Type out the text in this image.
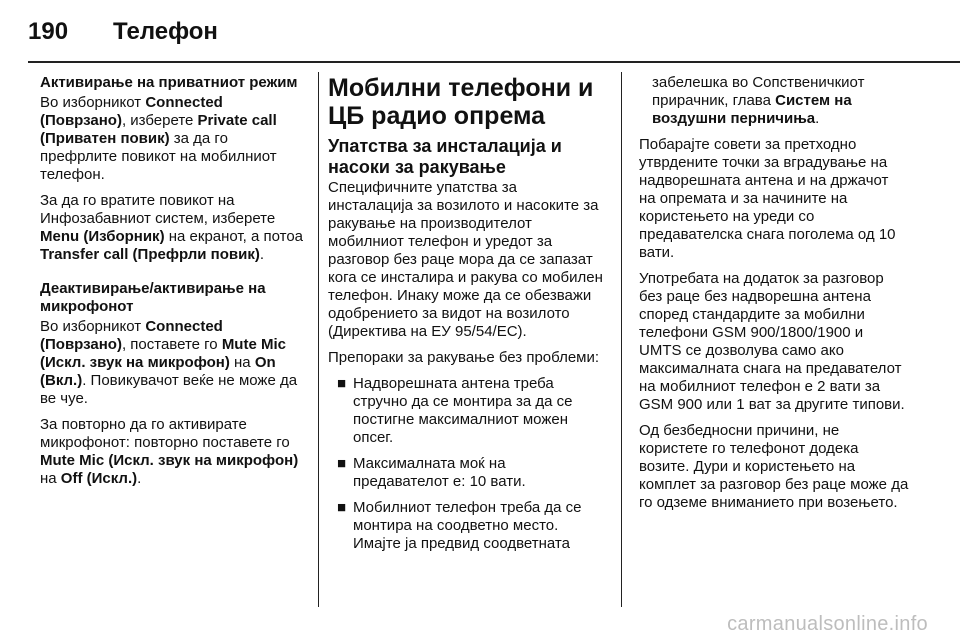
190 Телефон
Активирање на приватниот режим

Во изборникот Connected (Поврзано), изберете Private call (Приватен повик) за да го префрлите повикот на мобилниот телефон.

За да го вратите повикот на Инфозабавниот систем, изберете Menu (Изборник) на екранот, а потоа Transfer call (Префрли повик).

Деактивирање/активирање на микрофонот

Во изборникот Connected (Поврзано), поставете го Mute Mic (Искл. звук на микрофон) на On (Вкл.). Повикувачот веќе не може да ве чуе.

За повторно да го активирате микрофонот: повторно поставете го Mute Mic (Искл. звук на микрофон) на Off (Искл.).

Мобилни телефони и ЦБ радио опрема
Упатства за инсталација и насоки за ракување

Специфичните упатства за инсталација за возилото и насоките за ракување на производителот мобилниот телефон и уредот за разговор без раце мора да се запазат кога се инсталира и ракува со мобилен телефон. Инаку може да се обезважи одобрението за видот на возилото (Директива на ЕУ 95/54/ЕС).

Препораки за ракување без проблеми:

■ Надворешната антена треба стручно да се монтира за да се постигне максималниот можен опсег.
■ Максималната моќ на предавателот е: 10 вати.
■ Мобилниот телефон треба да се монтира на соодветно место. Имајте ја предвид соодветната

забелешка во Сопственичкиот прирачник, глава Систем на воздушни перничиња.

Побарајте совети за претходно утврдените точки за вградување на надворешната антена и на држачот на опремата и за начините на користењето на уреди со предавателска снага поголема од 10 вати.

Употребата на додаток за разговор без раце без надворешна антена според стандардите за мобилни телефони GSM 900/1800/1900 и UMTS се дозволува само ако максималната снага на предавателот на мобилниот телефон е 2 вати за GSM 900 или 1 ват за другите типови.

Од безбедносни причини, не користете го телефонот додека возите. Дури и користењето на комплет за разговор без раце може да го одземе вниманието при возењето.

carmanualsonline.info
